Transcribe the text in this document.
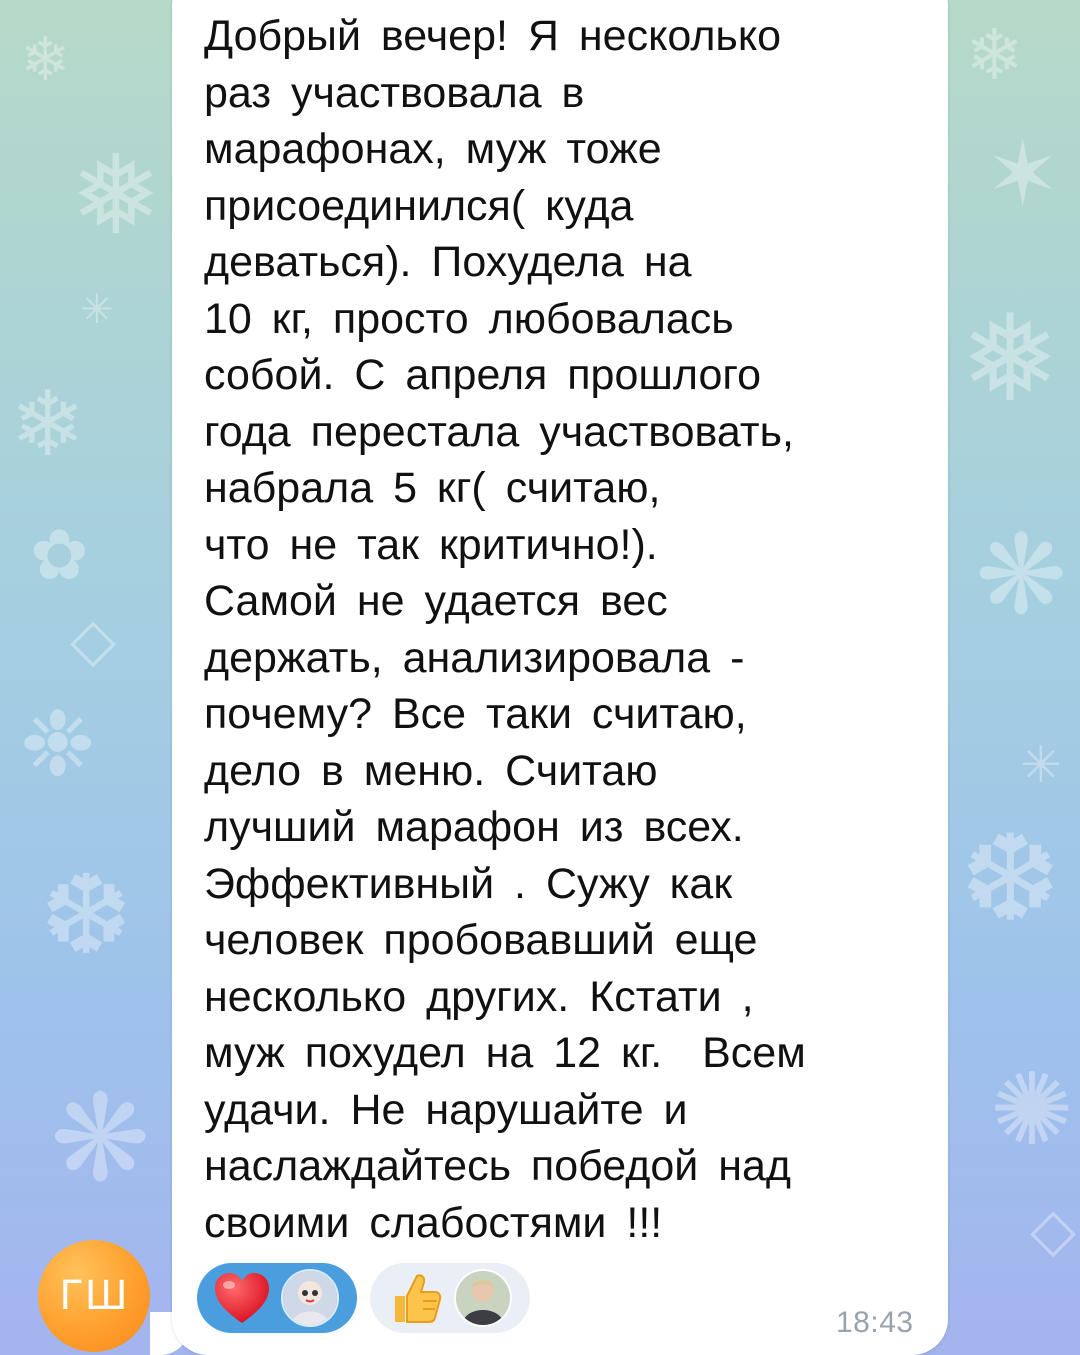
❄
❅
✳
❄
✿
◇
❉
❆
❋
❄
✶
❅
❋
✳
❆
✺
◇

Добрый вечер! Я несколько
раз участвовала в
марафонах, муж тоже
присоединился( куда
деваться). Похудела на
10 кг, просто любовалась
собой. С апреля прошлого
года перестала участвовать,
набрала 5 кг( считаю,
что не так критично!).
Самой не удается вес
держать, анализировала -
почему? Все таки считаю,
дело в меню. Считаю
лучший марафон из всех.
Эффективный . Сужу как
человек пробовавший еще
несколько других. Кстати ,
муж похудел на 12 кг.  Всем
удачи. Не нарушайте и
наслаждайтесь победой над
своими слабостями !!!

ГШ
18:43
